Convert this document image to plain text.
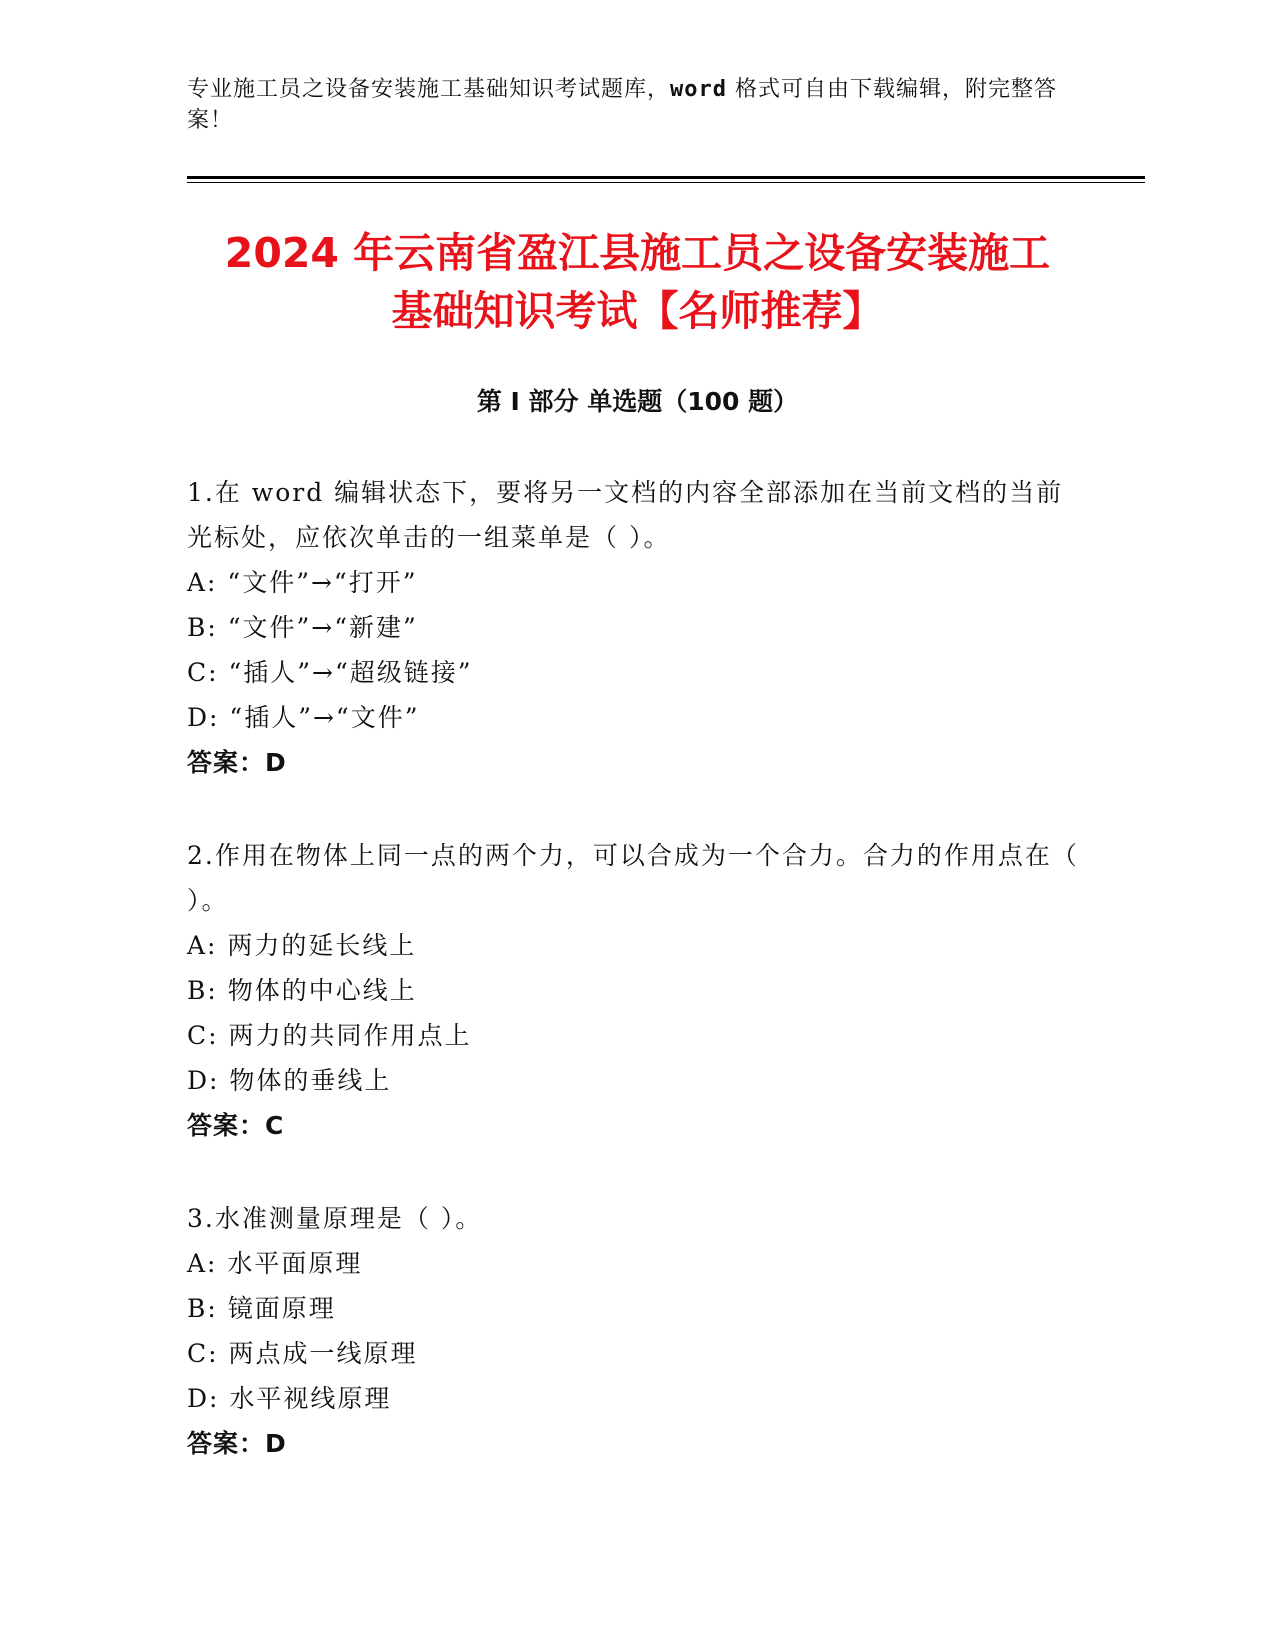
专业施工员之设备安装施工基础知识考试题库，word 格式可自由下载编辑，附完整答案！
2024 年云南省盈江县施工员之设备安装施工
基础知识考试【名师推荐】
第 I 部分 单选题（100 题）
1.在 word 编辑状态下，要将另一文档的内容全部添加在当前文档的当前光标处，应依次单击的一组菜单是（ ）。
A: “文件”→“打开”
B: “文件”→“新建”
C: “插人”→“超级链接”
D: “插人”→“文件”
答案：D
2.作用在物体上同一点的两个力，可以合成为一个合力。合力的作用点在（ ）。
A: 两力的延长线上
B: 物体的中心线上
C: 两力的共同作用点上
D: 物体的垂线上
答案：C
3.水准测量原理是（ ）。
A: 水平面原理
B: 镜面原理
C: 两点成一线原理
D: 水平视线原理
答案：D
